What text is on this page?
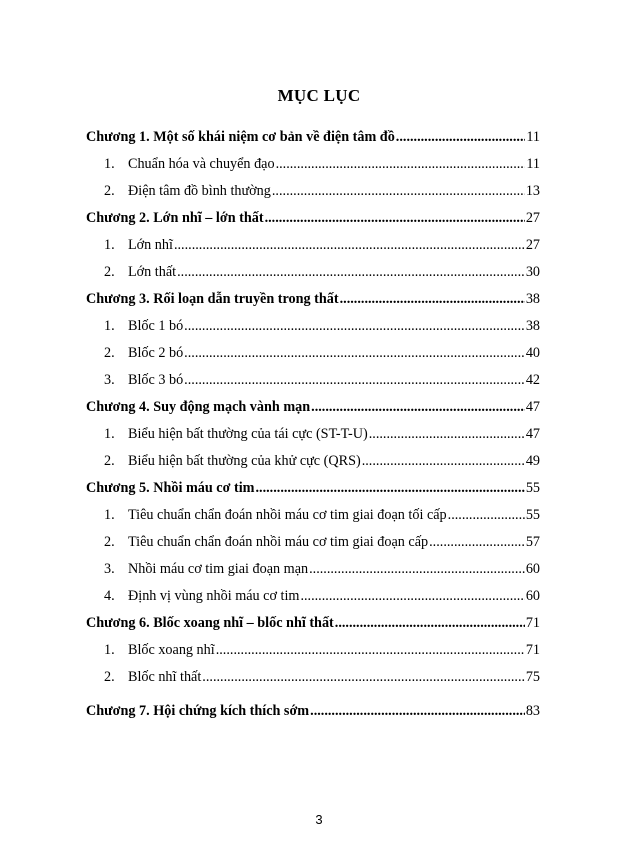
MỤC LỤC
Chương 1. Một số khái niệm cơ bản về điện tâm đồ .....	11
1. Chuẩn hóa và chuyển đạo .....	11
2. Điện tâm đồ bình thường .....	13
Chương 2. Lớn nhĩ – lớn thất .....	27
1. Lớn nhĩ .....	27
2. Lớn thất .....	30
Chương 3. Rối loạn dẫn truyền trong thất .....	38
1. Blốc 1 bó .....	38
2. Blốc 2 bó .....	40
3. Blốc 3 bó .....	42
Chương 4. Suy động mạch vành mạn .....	47
1. Biểu hiện bất thường của tái cực (ST-T-U) .....	47
2. Biểu hiện bất thường của khử cực (QRS) .....	49
Chương 5. Nhồi máu cơ tim .....	55
1. Tiêu chuẩn chẩn đoán nhồi máu cơ tim giai đoạn tối cấp .....	55
2. Tiêu chuẩn chẩn đoán nhồi máu cơ tim giai đoạn cấp .....	57
3. Nhồi máu cơ tim giai đoạn mạn .....	60
4. Định vị vùng nhồi máu cơ tim .....	60
Chương 6. Blốc xoang nhĩ – blốc nhĩ thất .....	71
1. Blốc xoang nhĩ .....	71
2. Blốc nhĩ thất .....	75
Chương 7. Hội chứng kích thích sớm .....	83
3
